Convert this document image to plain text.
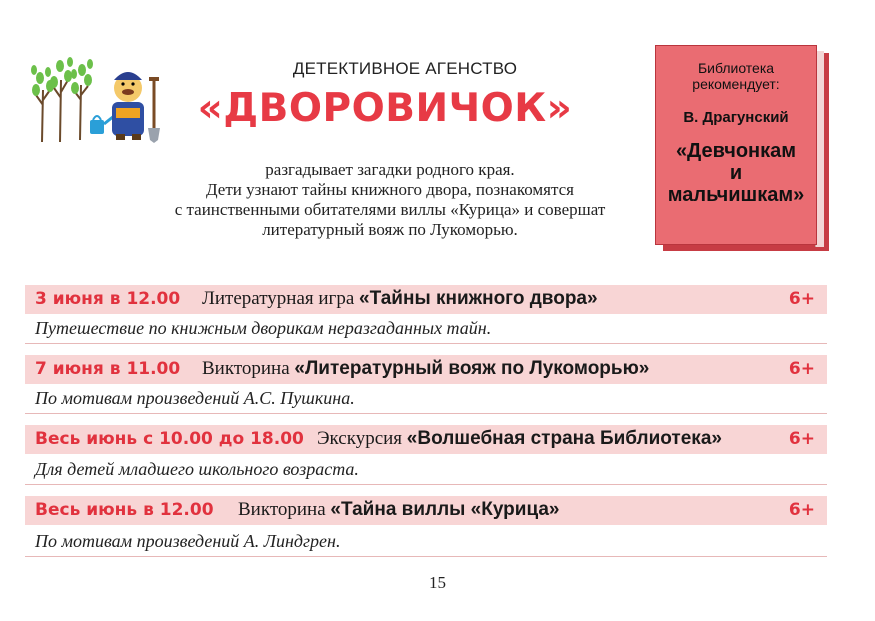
ДЕТЕКТИВНОЕ АГЕНСТВО
«ДВОРОВИЧОК»
разгадывает загадки родного края.
Дети узнают тайны книжного двора, познакомятся
с таинственными обитателями виллы «Курица» и совершат
литературный вояж по Лукоморью.
Библиотека
рекомендует:
В. Драгунский
«Девчонкам
и
мальчишкам»
3 июня в 12.00 Литературная игра «Тайны книжного двора»	6+
Путешествие по книжным дворикам неразгаданных тайн.
7 июня в 11.00 Викторина «Литературный вояж по Лукоморью»	6+
По мотивам произведений А.С. Пушкина.
Весь июнь с 10.00 до 18.00 Экскурсия «Волшебная страна Библиотека»	6+
Для детей младшего школьного возраста.
Весь июнь в 12.00 Викторина «Тайна виллы «Курица»	6+
По мотивам произведений А. Линдгрен.
15
